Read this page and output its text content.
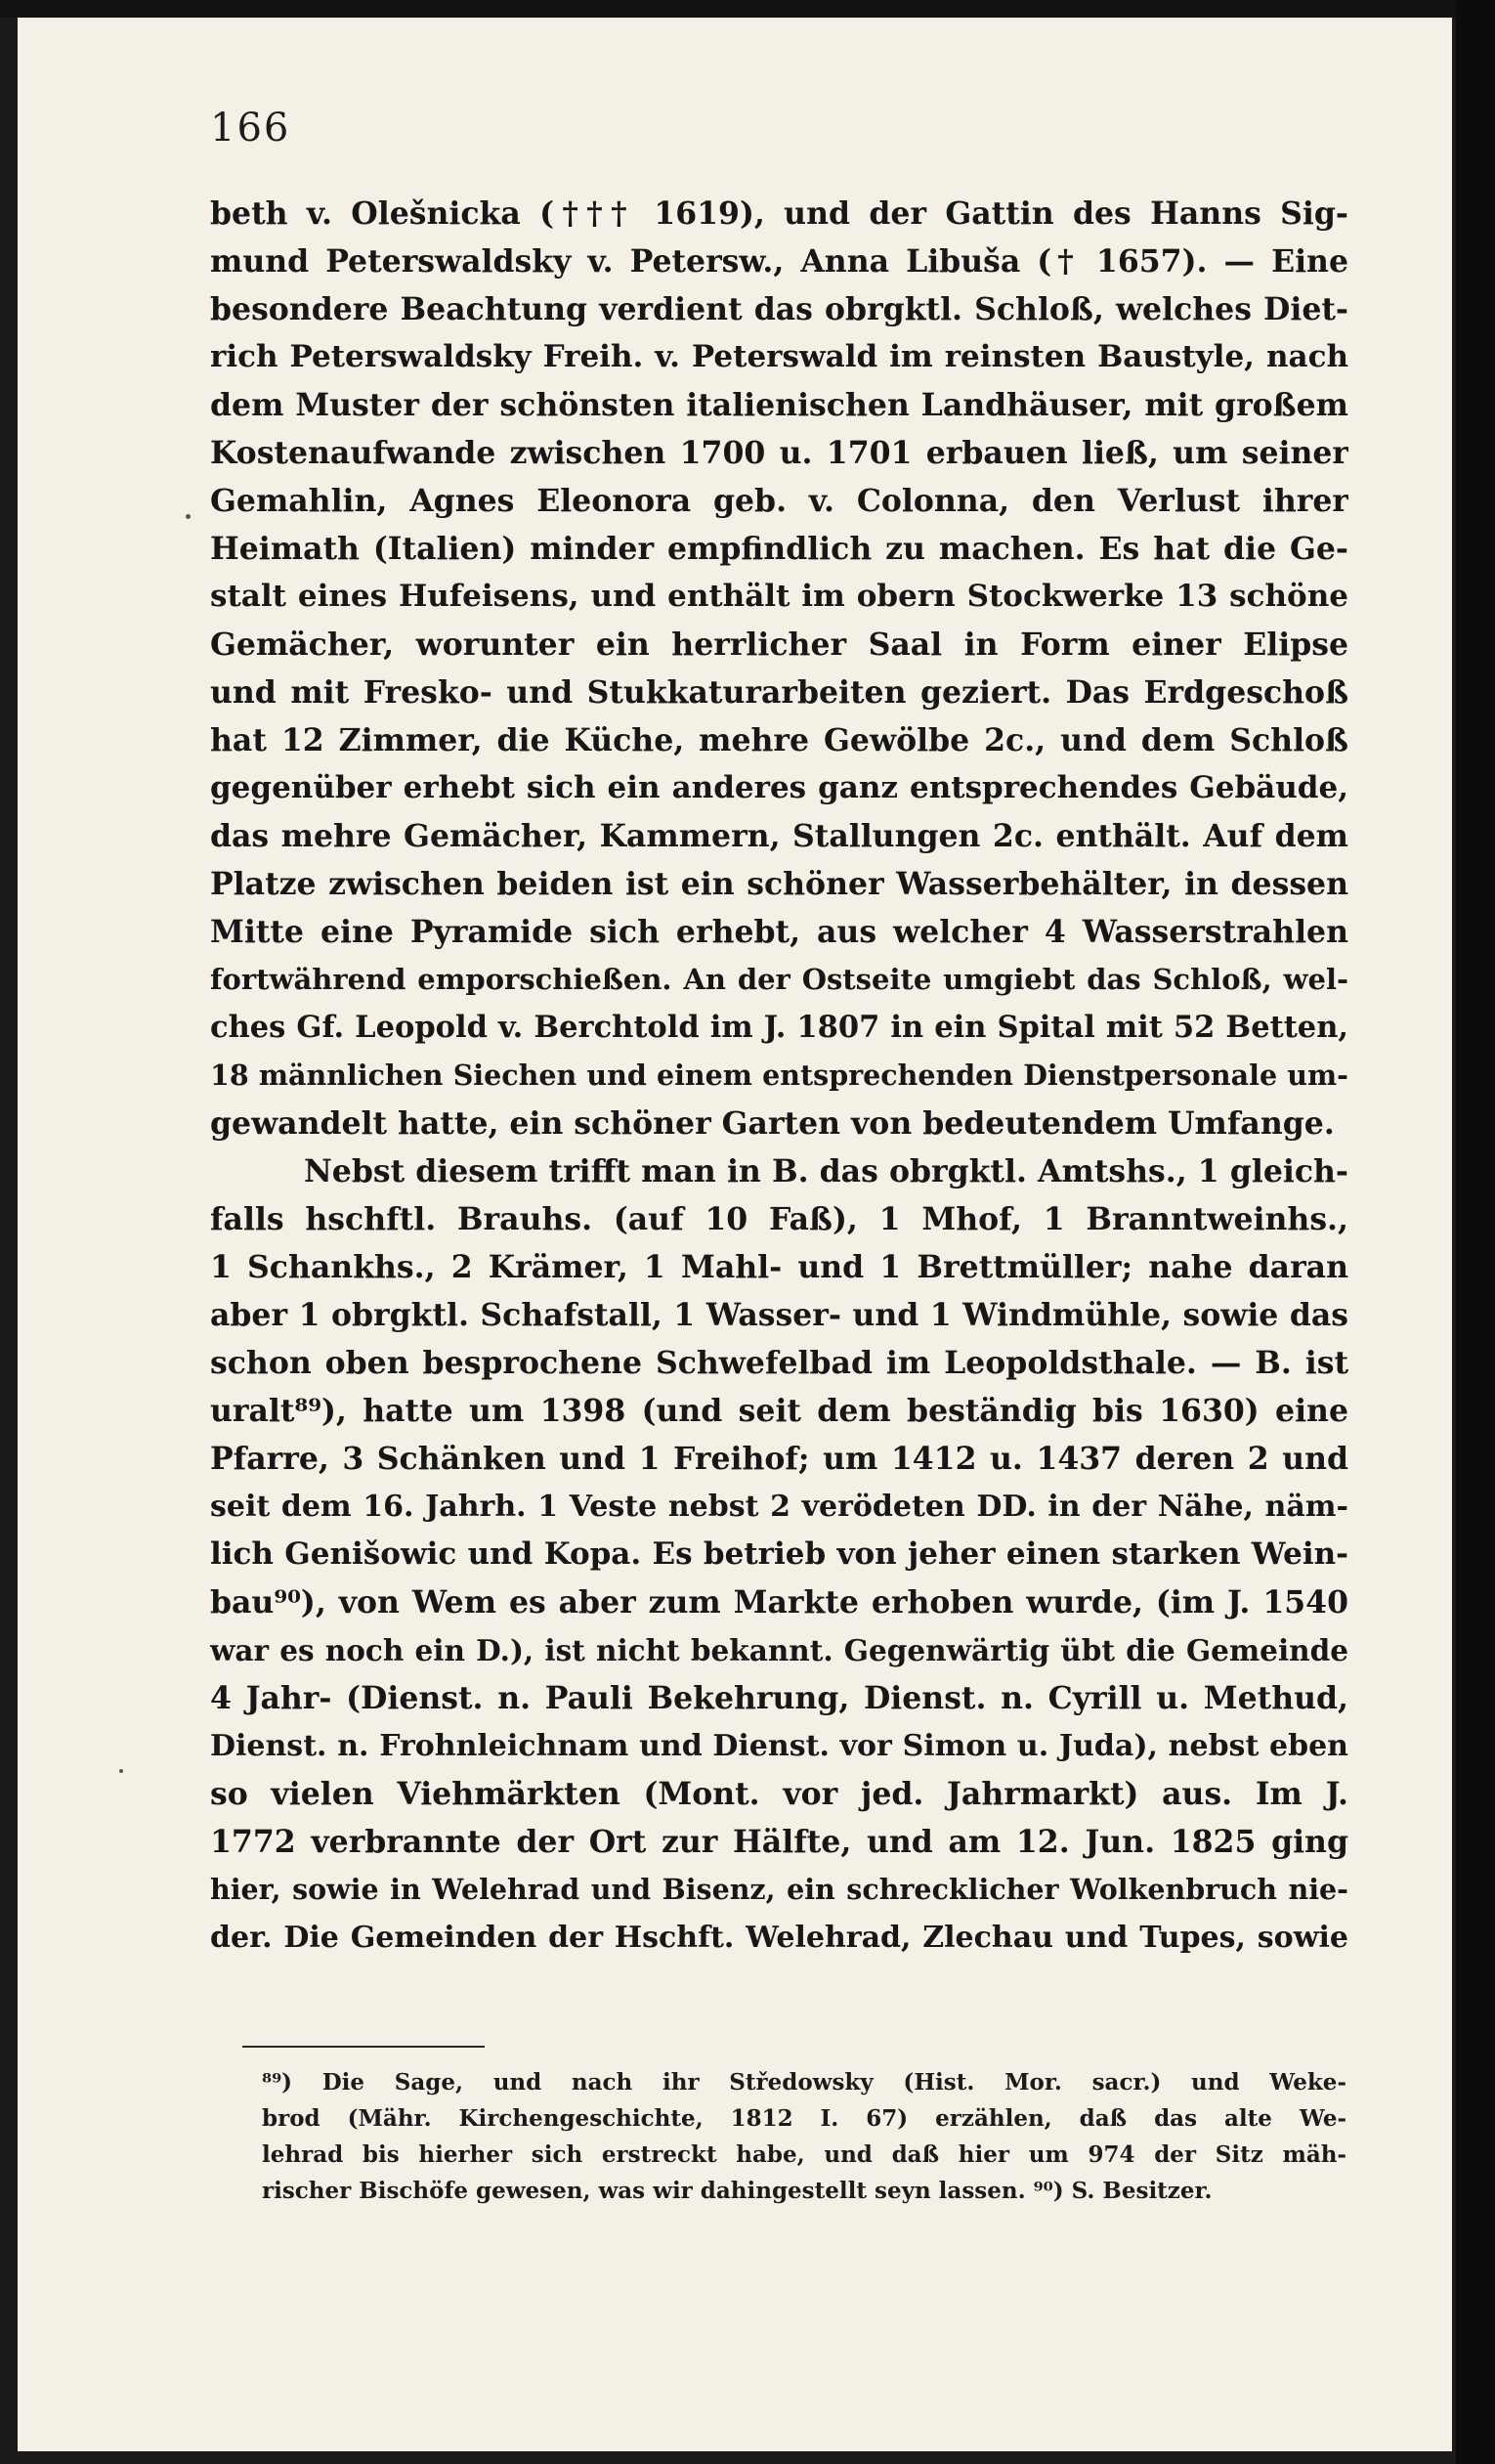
166
beth v. Olešnicka (††† 1619), und der Gattin des Hanns Sig-
mund Peterswaldsky v. Petersw., Anna Libuša († 1657). — Eine
besondere Beachtung verdient das obrgktl. Schloß, welches Diet-
rich Peterswaldsky Freih. v. Peterswald im reinsten Baustyle, nach
dem Muster der schönsten italienischen Landhäuser, mit großem
Kostenaufwande zwischen 1700 u. 1701 erbauen ließ, um seiner
Gemahlin, Agnes Eleonora geb. v. Colonna, den Verlust ihrer
Heimath (Italien) minder empfindlich zu machen. Es hat die Ge-
stalt eines Hufeisens, und enthält im obern Stockwerke 13 schöne
Gemächer, worunter ein herrlicher Saal in Form einer Elipse
und mit Fresko- und Stukkaturarbeiten geziert. Das Erdgeschoß
hat 12 Zimmer, die Küche, mehre Gewölbe 2c., und dem Schloß
gegenüber erhebt sich ein anderes ganz entsprechendes Gebäude,
das mehre Gemächer, Kammern, Stallungen 2c. enthält. Auf dem
Platze zwischen beiden ist ein schöner Wasserbehälter, in dessen
Mitte eine Pyramide sich erhebt, aus welcher 4 Wasserstrahlen
fortwährend emporschießen. An der Ostseite umgiebt das Schloß, wel-
ches Gf. Leopold v. Berchtold im J. 1807 in ein Spital mit 52 Betten,
18 männlichen Siechen und einem entsprechenden Dienstpersonale um-
gewandelt hatte, ein schöner Garten von bedeutendem Umfange.
Nebst diesem trifft man in B. das obrgktl. Amtshs., 1 gleich-
falls hschftl. Brauhs. (auf 10 Faß), 1 Mhof, 1 Branntweinhs.,
1 Schankhs., 2 Krämer, 1 Mahl- und 1 Brettmüller; nahe daran
aber 1 obrgktl. Schafstall, 1 Wasser- und 1 Windmühle, sowie das
schon oben besprochene Schwefelbad im Leopoldsthale. — B. ist
uralt⁸⁹), hatte um 1398 (und seit dem beständig bis 1630) eine
Pfarre, 3 Schänken und 1 Freihof; um 1412 u. 1437 deren 2 und
seit dem 16. Jahrh. 1 Veste nebst 2 verödeten DD. in der Nähe, näm-
lich Genišowic und Kopa. Es betrieb von jeher einen starken Wein-
bau⁹⁰), von Wem es aber zum Markte erhoben wurde, (im J. 1540
war es noch ein D.), ist nicht bekannt. Gegenwärtig übt die Gemeinde
4 Jahr- (Dienst. n. Pauli Bekehrung, Dienst. n. Cyrill u. Methud,
Dienst. n. Frohnleichnam und Dienst. vor Simon u. Juda), nebst eben
so vielen Viehmärkten (Mont. vor jed. Jahrmarkt) aus. Im J.
1772 verbrannte der Ort zur Hälfte, und am 12. Jun. 1825 ging
hier, sowie in Welehrad und Bisenz, ein schrecklicher Wolkenbruch nie-
der. Die Gemeinden der Hschft. Welehrad, Zlechau und Tupes, sowie
⁸⁹) Die Sage, und nach ihr Středowsky (Hist. Mor. sacr.) und Weke-
brod (Mähr. Kirchengeschichte, 1812 I. 67) erzählen, daß das alte We-
lehrad bis hierher sich erstreckt habe, und daß hier um 974 der Sitz mäh-
rischer Bischöfe gewesen, was wir dahingestellt seyn lassen. ⁹⁰) S. Besitzer.
